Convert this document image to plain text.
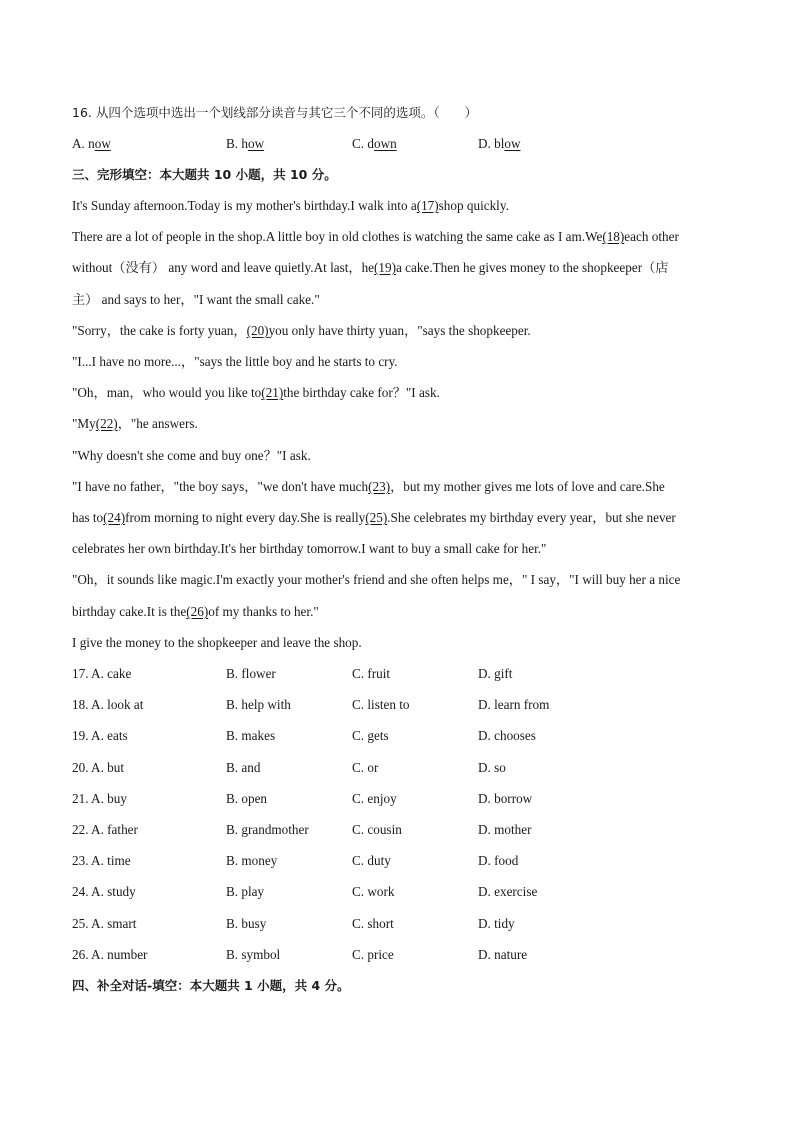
16. 从四个选项中选出一个划线部分读音与其它三个不同的选项。（　　）
A. now	B. how	C. down	D. blow
三、完形填空：本大题共 10 小题，共 10 分。
It's Sunday afternoon.Today is my mother's birthday.I walk into a(17)shop quickly.
There are a lot of people in the shop.A little boy in old clothes is watching the same cake as I am.We(18)each other
without（没有） any word and leave quietly.At last，he(19)a cake.Then he gives money to the shopkeeper（店
主） and says to her，"I want the small cake."
"Sorry，the cake is forty yuan，(20)you only have thirty yuan，"says the shopkeeper.
"I...I have no more...，"says the little boy and he starts to cry.
"Oh，man，who would you like to(21)the birthday cake for？"I ask.
"My(22)，"he answers.
"Why doesn't she come and buy one？"I ask.
"I have no father，"the boy says，"we don't have much(23)，but my mother gives me lots of love and care.She
has to(24)from morning to night every day.She is really(25).She celebrates my birthday every year，but she never
celebrates her own birthday.It's her birthday tomorrow.I want to buy a small cake for her."
"Oh，it sounds like magic.I'm exactly your mother's friend and she often helps me，" I say，"I will buy her a nice
birthday cake.It is the(26)of my thanks to her."
I give the money to the shopkeeper and leave the shop.
17. A. cake	B. flower	C. fruit	D. gift
18. A. look at	B. help with	C. listen to	D. learn from
19. A. eats	B. makes	C. gets	D. chooses
20. A. but	B. and	C. or	D. so
21. A. buy	B. open	C. enjoy	D. borrow
22. A. father	B. grandmother	C. cousin	D. mother
23. A. time	B. money	C. duty	D. food
24. A. study	B. play	C. work	D. exercise
25. A. smart	B. busy	C. short	D. tidy
26. A. number	B. symbol	C. price	D. nature
四、补全对话-填空：本大题共 1 小题，共 4 分。
